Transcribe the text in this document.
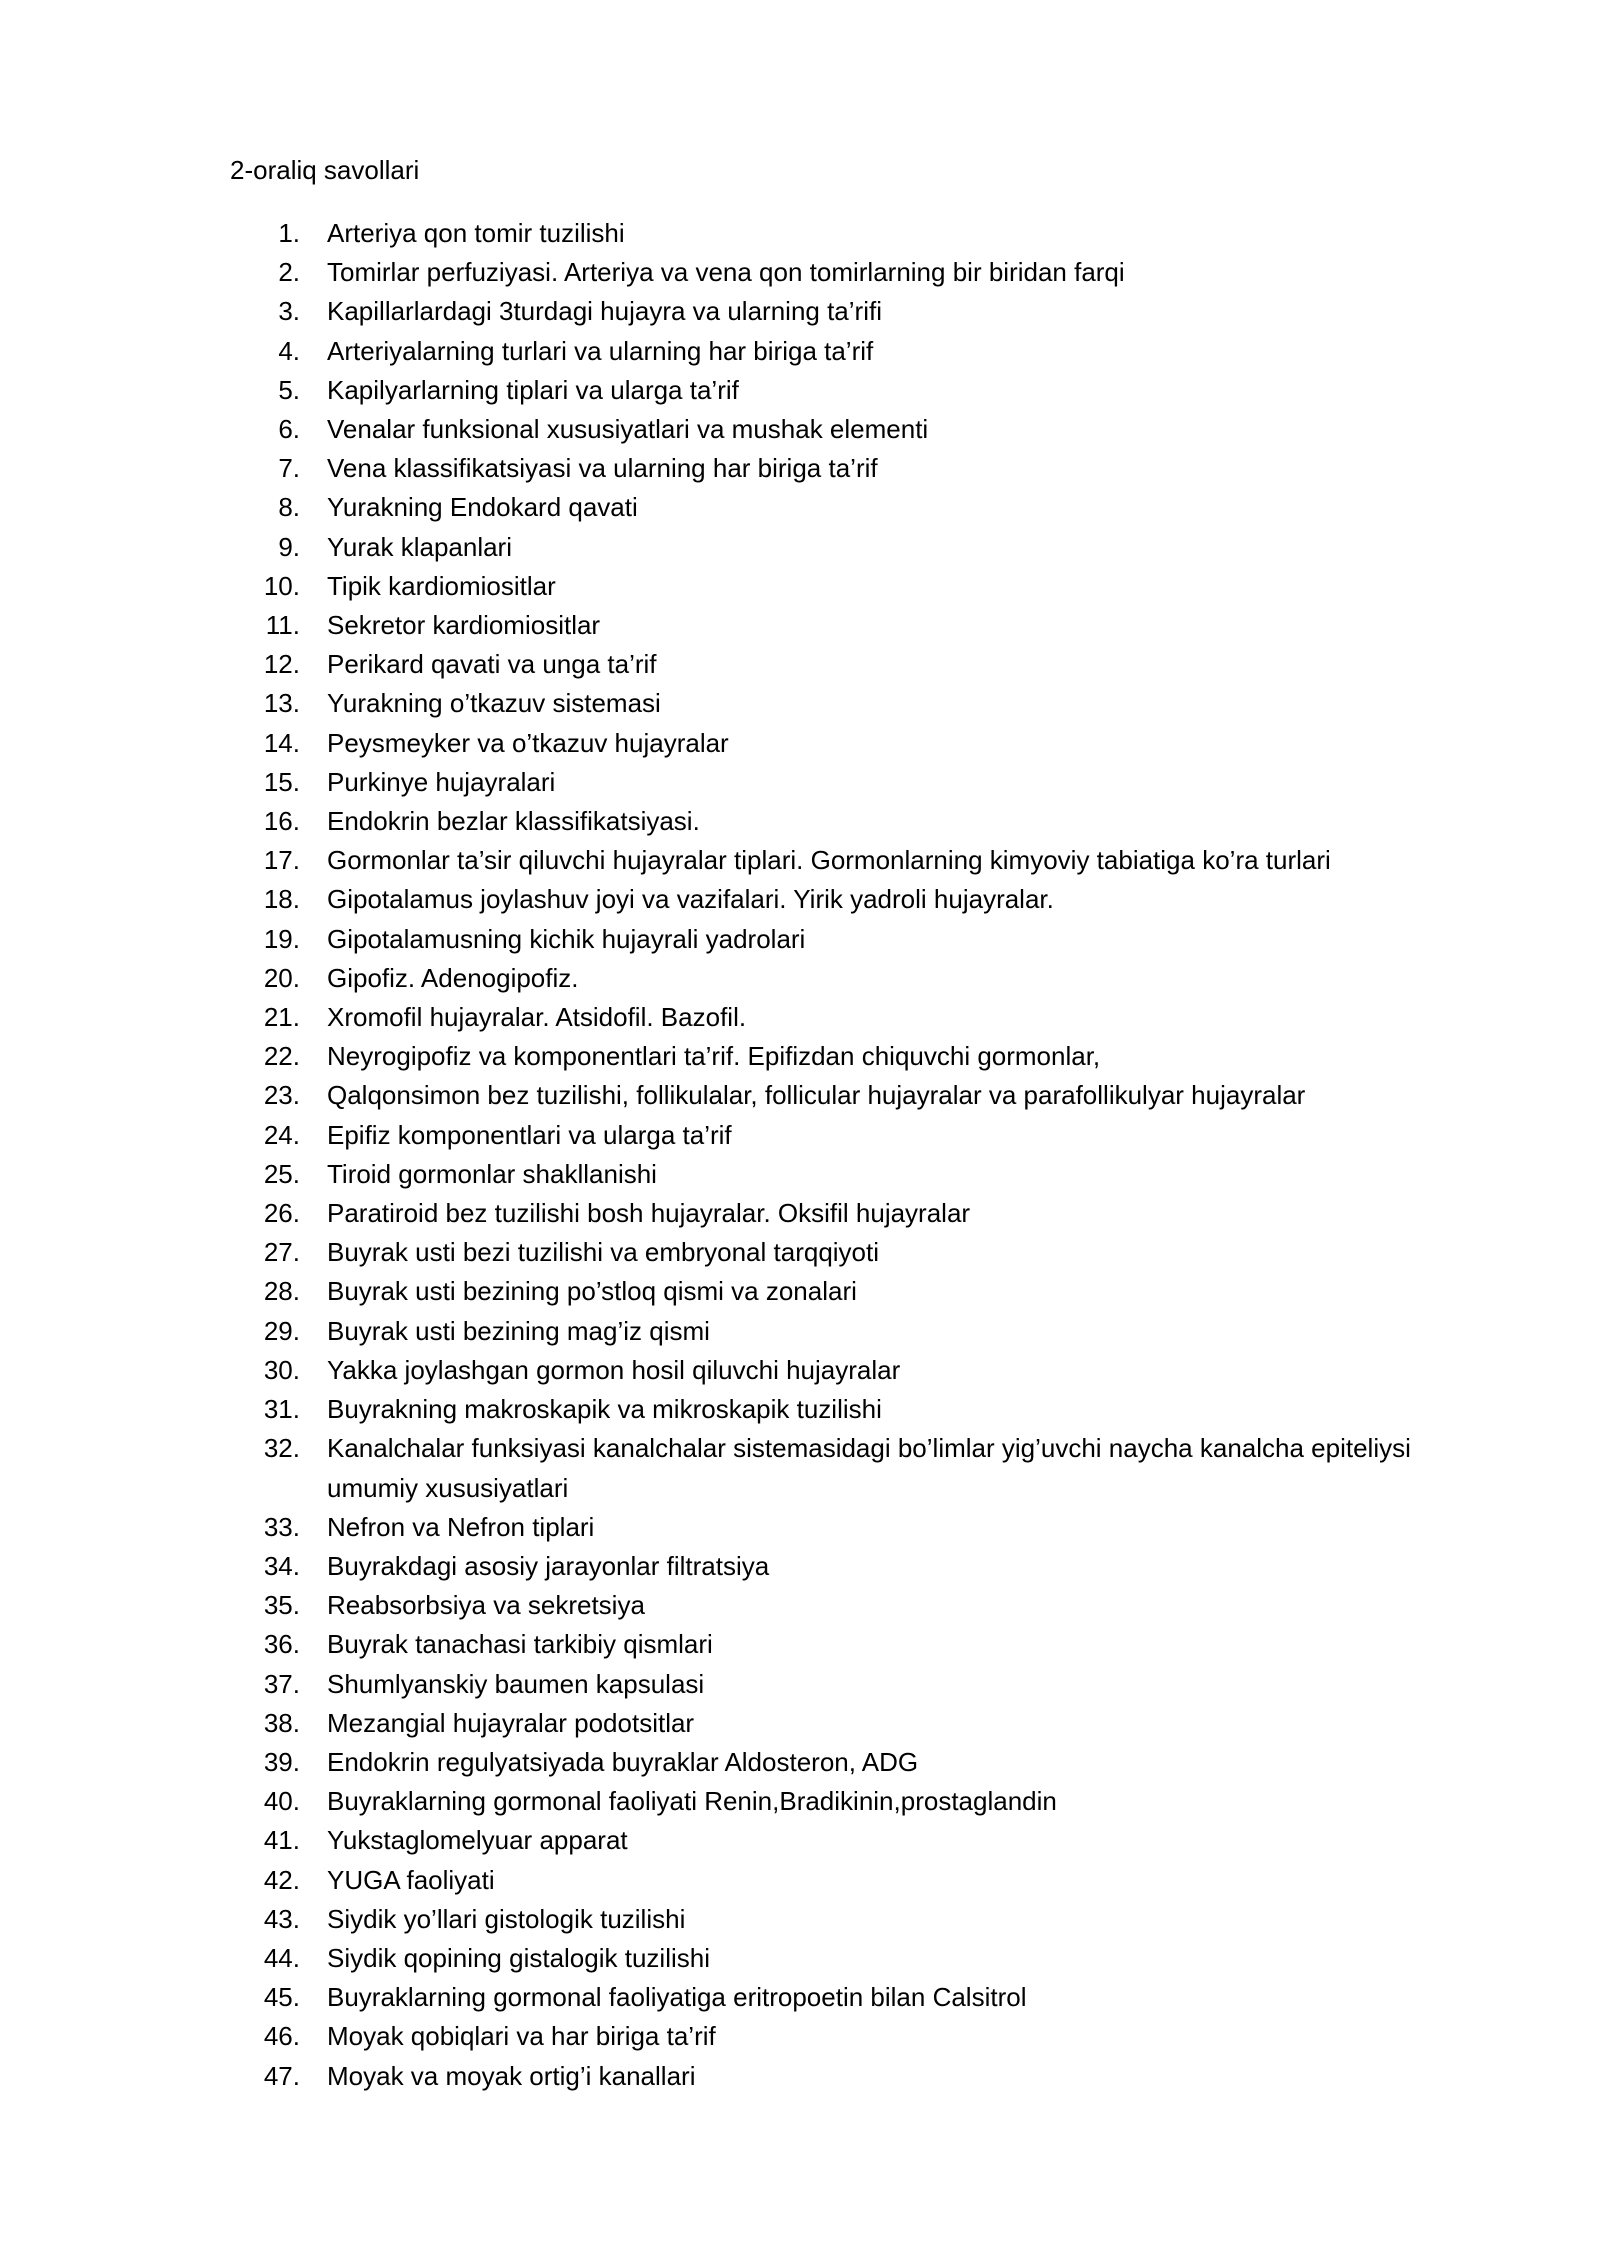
2-oraliq savollari
1. Arteriya qon tomir tuzilishi
2. Tomirlar perfuziyasi. Arteriya va vena qon tomirlarning bir biridan farqi
3. Kapillarlardagi 3turdagi hujayra va ularning ta’rifi
4. Arteriyalarning turlari va ularning har biriga ta’rif
5. Kapilyarlarning tiplari va ularga ta’rif
6. Venalar funksional xususiyatlari va mushak elementi
7. Vena klassifikatsiyasi va ularning har biriga ta’rif
8. Yurakning Endokard qavati
9. Yurak klapanlari
10. Tipik kardiomiositlar
11. Sekretor kardiomiositlar
12. Perikard qavati va unga ta’rif
13. Yurakning o’tkazuv sistemasi
14. Peysmeyker va o’tkazuv hujayralar
15. Purkinye hujayralari
16. Endokrin bezlar klassifikatsiyasi.
17. Gormonlar ta’sir qiluvchi hujayralar tiplari. Gormonlarning kimyoviy tabiatiga ko’ra turlari
18. Gipotalamus joylashuv joyi va vazifalari. Yirik yadroli hujayralar.
19. Gipotalamusning kichik hujayrali yadrolari
20. Gipofiz. Adenogipofiz.
21. Xromofil hujayralar. Atsidofil. Bazofil.
22. Neyrogipofiz va komponentlari ta’rif. Epifizdan chiquvchi gormonlar,
23. Qalqonsimon bez tuzilishi, follikulalar, follicular hujayralar va parafollikulyar hujayralar
24. Epifiz komponentlari va ularga ta’rif
25. Tiroid gormonlar shakllanishi
26. Paratiroid bez tuzilishi bosh hujayralar. Oksifil hujayralar
27. Buyrak usti bezi tuzilishi va embryonal tarqqiyoti
28. Buyrak usti bezining po’stloq qismi va zonalari
29. Buyrak usti bezining mag’iz qismi
30. Yakka joylashgan gormon hosil qiluvchi hujayralar
31. Buyrakning makroskapik va mikroskapik tuzilishi
32. Kanalchalar funksiyasi kanalchalar sistemasidagi bo’limlar yig’uvchi naycha kanalcha epiteliysi umumiy xususiyatlari
33. Nefron va Nefron tiplari
34. Buyrakdagi asosiy jarayonlar filtratsiya
35. Reabsorbsiya va sekretsiya
36. Buyrak tanachasi tarkibiy qismlari
37. Shumlyanskiy baumen kapsulasi
38. Mezangial hujayralar podotsitlar
39. Endokrin regulyatsiyada buyraklar Aldosteron, ADG
40. Buyraklarning gormonal faoliyati Renin,Bradikinin,prostaglandin
41. Yukstaglomelyuar apparat
42. YUGA faoliyati
43. Siydik yo’llari gistologik tuzilishi
44. Siydik qopining gistalogik tuzilishi
45. Buyraklarning gormonal faoliyatiga eritropoetin bilan Calsitrol
46. Moyak qobiqlari va har biriga ta’rif
47. Moyak va moyak ortig’i kanallari
